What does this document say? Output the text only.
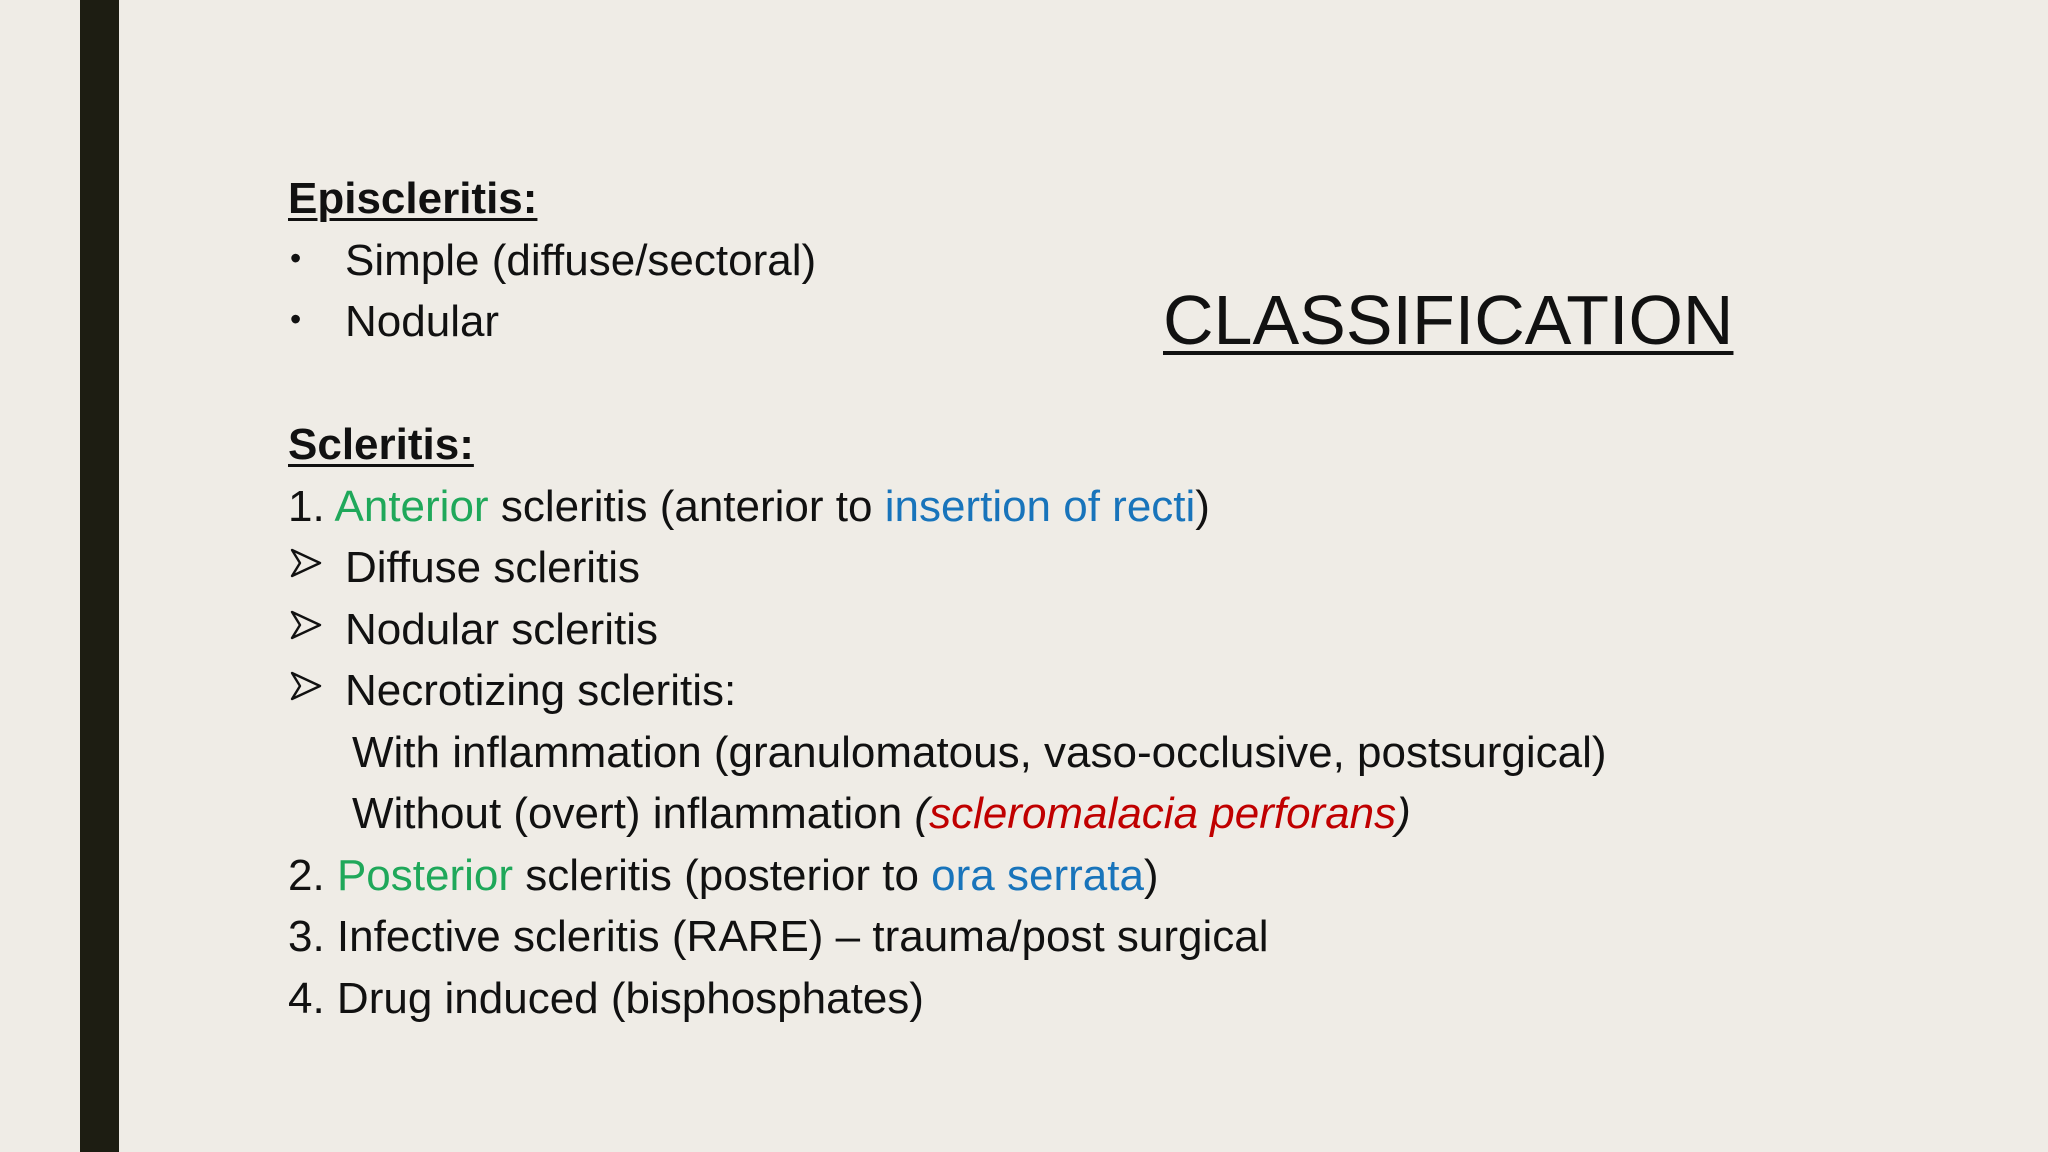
CLASSIFICATION
Episcleritis:
• Simple (diffuse/sectoral)
• Nodular
Scleritis:
1. Anterior scleritis (anterior to insertion of recti)
Diffuse scleritis
Nodular scleritis
Necrotizing scleritis:
With inflammation (granulomatous, vaso-occlusive, postsurgical)
Without (overt) inflammation (scleromalacia perforans)
2. Posterior scleritis (posterior to ora serrata)
3. Infective scleritis (RARE) – trauma/post surgical
4. Drug induced (bisphosphates)
